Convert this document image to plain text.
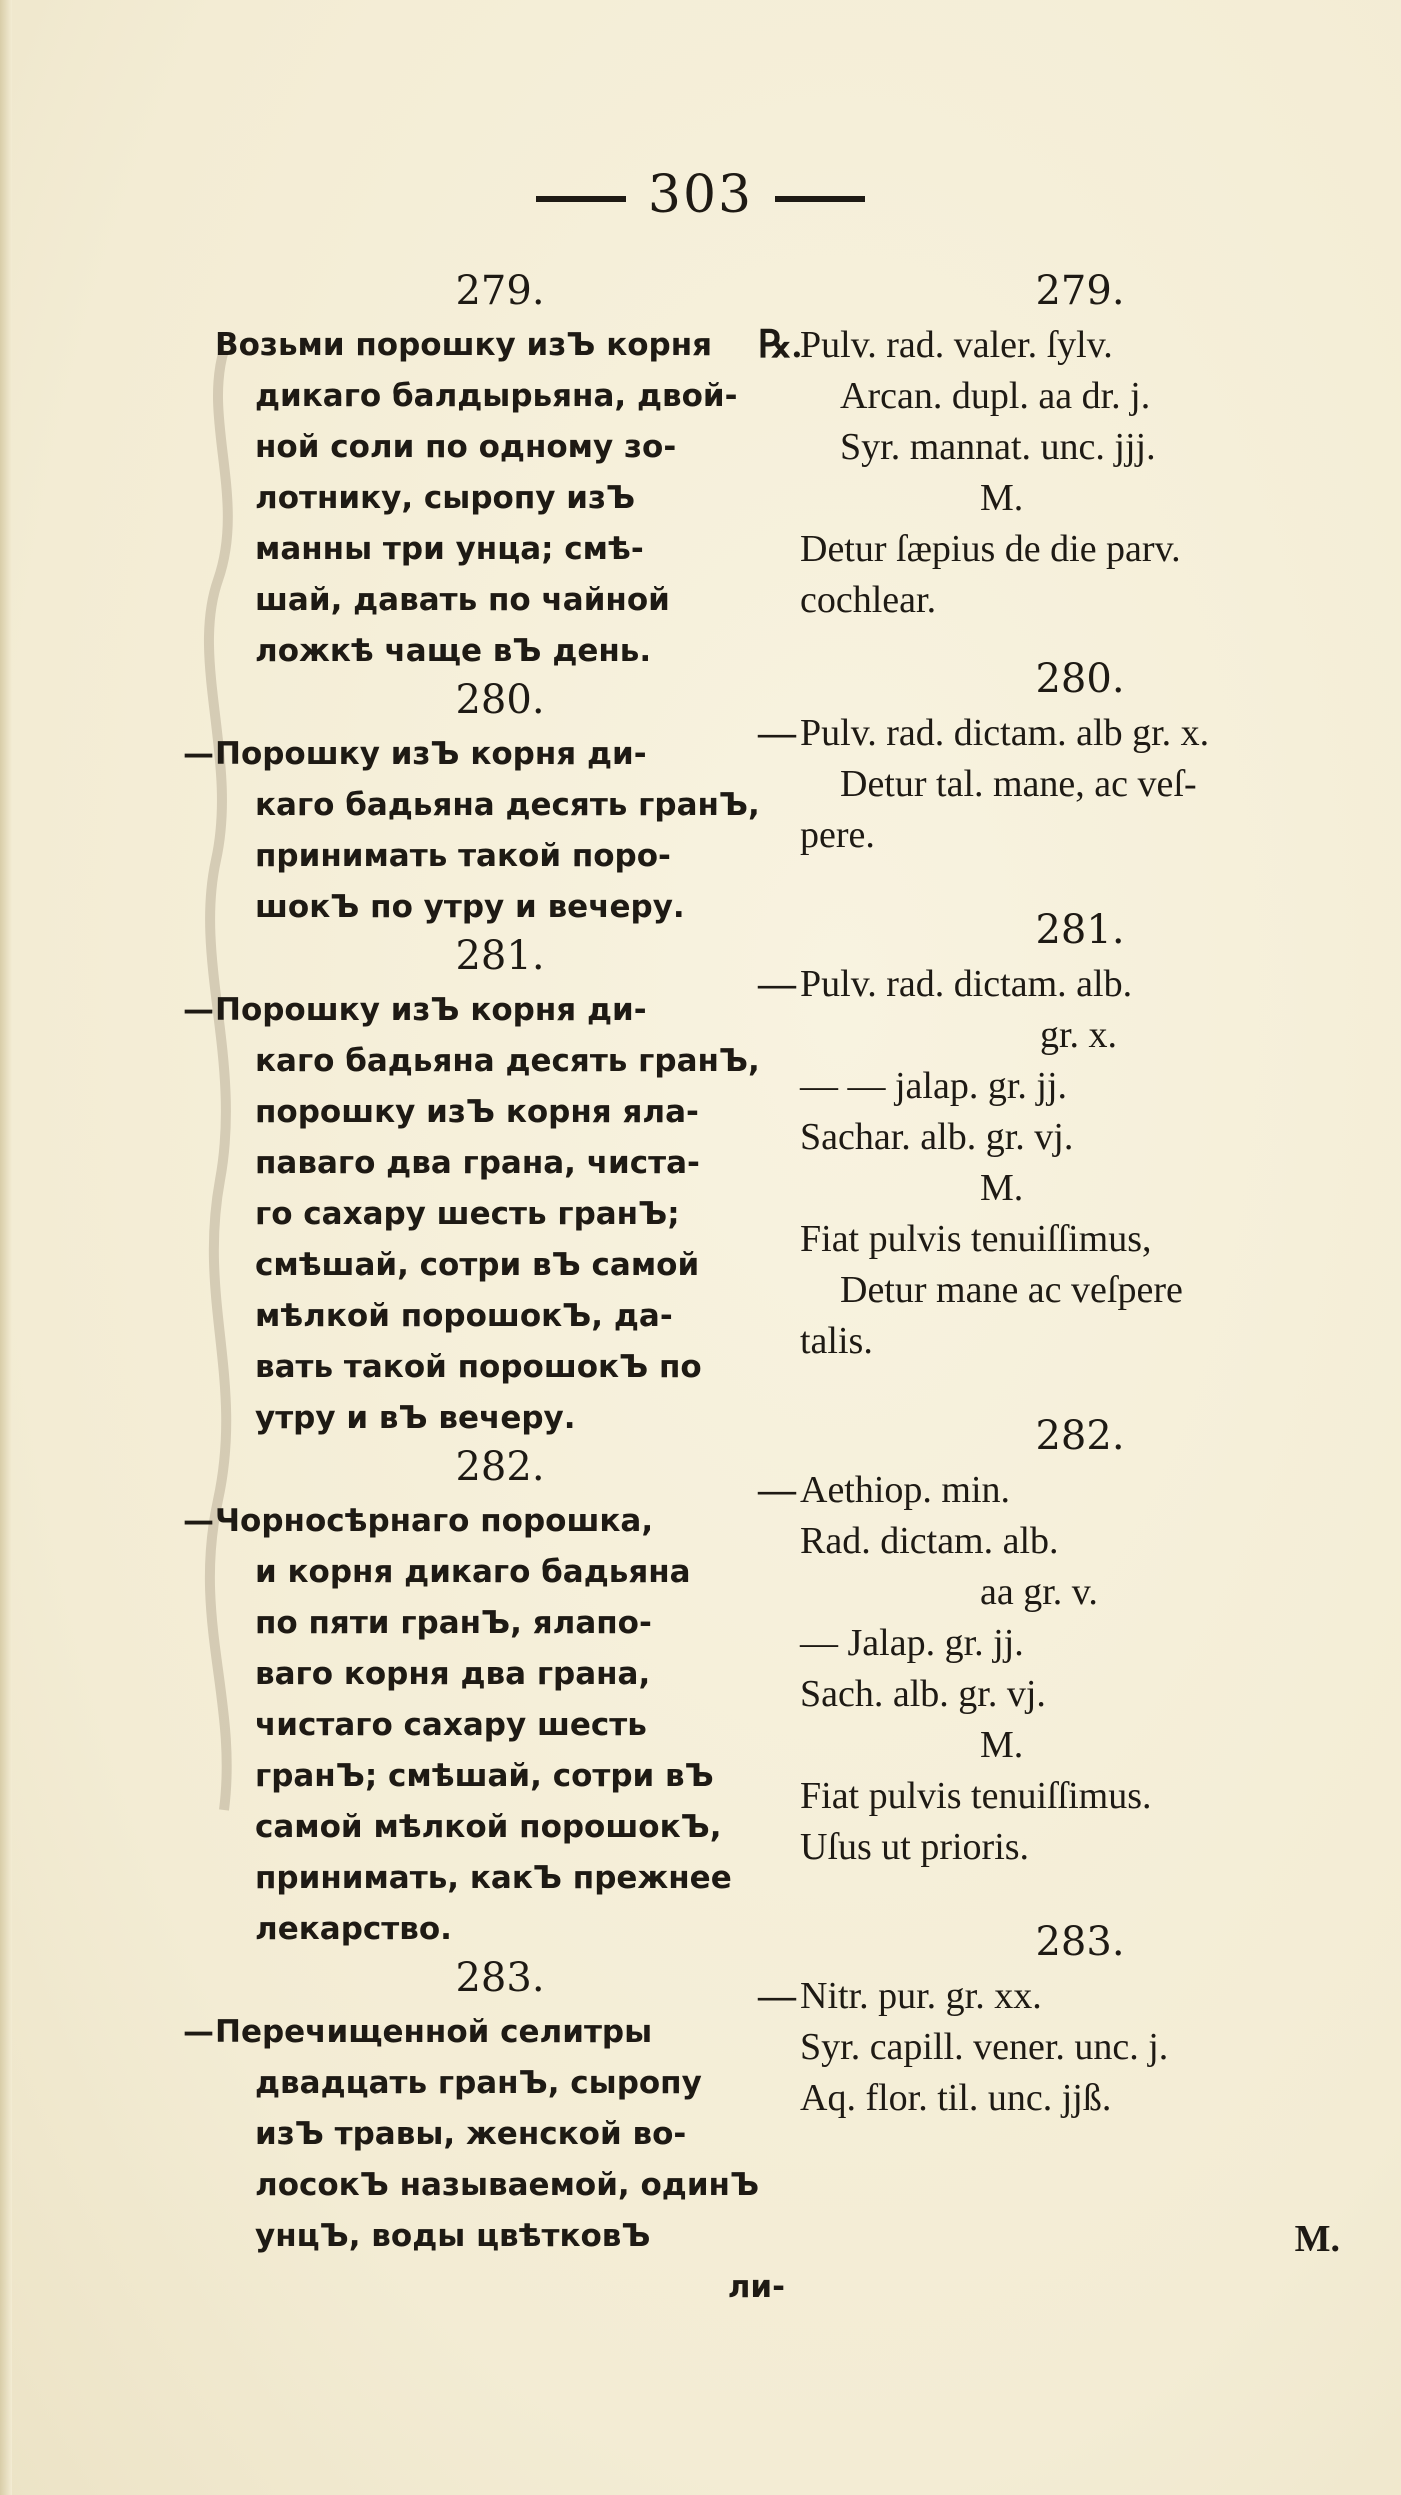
303
279.
Возьми порошку изЪ корня
дикаго балдырьяна, двой-
ной соли по одному зо-
лотнику, сыропу изЪ
манны три унца; смѣ-
шай, давать по чайной
ложкѣ чаще вЪ день.
280.
— Порошку изЪ корня ди-
каго бадьяна десять гранЪ,
принимать такой поро-
шокЪ по утру и вечеру.
281.
— Порошку изЪ корня ди-
каго бадьяна десять гранЪ,
порошку изЪ корня яла-
паваго два грана, чиста-
го сахару шесть гранЪ;
смѣшай, сотри вЪ самой
мѣлкой порошокЪ, да-
вать такой порошокЪ по
утру и вЪ вечеру.
282.
— Чорносѣрнаго порошка,
и корня дикаго бадьяна
по пяти гранЪ, ялапо-
ваго корня два грана,
чистаго сахару шесть
гранЪ; смѣшай, сотри вЪ
самой мѣлкой порошокЪ,
принимать, какЪ прежнее
лекарство.
283.
— Перечищенной селитры
двадцать гранЪ, сыропу
изЪ травы, женской во-
лосокЪ называемой, одинЪ
унцЪ, воды цвѣтковЪ
ли-
279.
℞.
Pulv. rad. valer. ſylv.
Arcan. dupl. aa dr. j.
Syr. mannat. unc. jjj.
M.
Detur ſæpius de die parv.
cochlear.
280.
— Pulv. rad. dictam. alb gr. x.
Detur tal. mane, ac veſ-
pere.
281.
— Pulv. rad. dictam. alb.
gr. x.
— — jalap. gr. jj.
Sachar. alb. gr. vj.
M.
Fiat pulvis tenuiſſimus,
Detur mane ac veſpere
talis.
282.
— Aethiop. min.
Rad. dictam. alb.
aa gr. v.
— Jalap. gr. jj.
Sach. alb. gr. vj.
M.
Fiat pulvis tenuiſſimus.
Uſus ut prioris.
283.
— Nitr. pur. gr. xx.
Syr. capill. vener. unc. j.
Aq. flor. til. unc. jjß.
M.
